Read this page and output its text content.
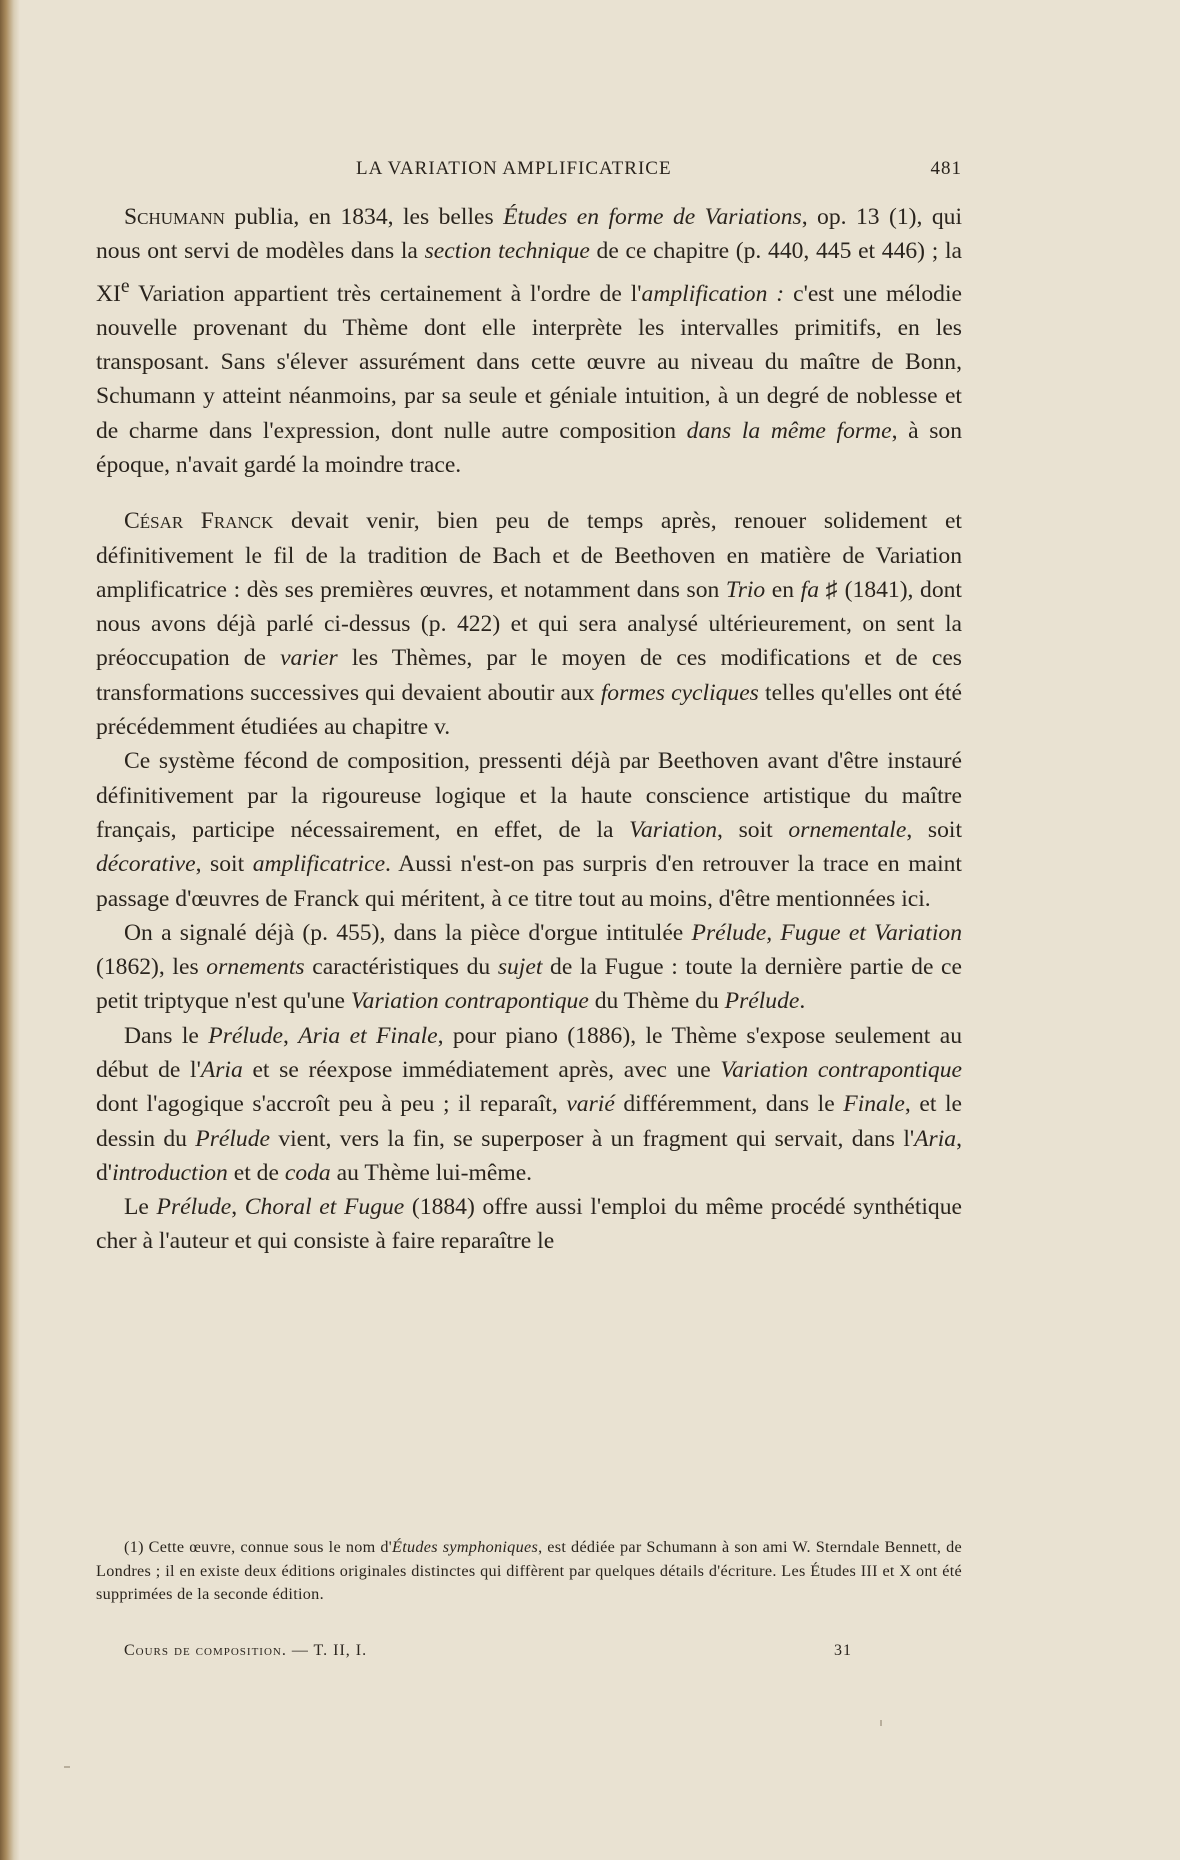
LA VARIATION AMPLIFICATRICE	481

Schumann publia, en 1834, les belles Études en forme de Variations, op. 13 (1), qui nous ont servi de modèles dans la section technique de ce chapitre (p. 440, 445 et 446) ; la XIe Variation appartient très certainement à l'ordre de l'amplification : c'est une mélodie nouvelle provenant du Thème dont elle interprète les intervalles primitifs, en les transposant. Sans s'élever assurément dans cette œuvre au niveau du maître de Bonn, Schumann y atteint néanmoins, par sa seule et géniale intuition, à un degré de noblesse et de charme dans l'expression, dont nulle autre composition dans la même forme, à son époque, n'avait gardé la moindre trace.

César Franck devait venir, bien peu de temps après, renouer solidement et définitivement le fil de la tradition de Bach et de Beethoven en matière de Variation amplificatrice : dès ses premières œuvres, et notamment dans son Trio en fa ♯ (1841), dont nous avons déjà parlé ci-dessus (p. 422) et qui sera analysé ultérieurement, on sent la préoccupation de varier les Thèmes, par le moyen de ces modifications et de ces transformations successives qui devaient aboutir aux formes cycliques telles qu'elles ont été précédemment étudiées au chapitre v.

Ce système fécond de composition, pressenti déjà par Beethoven avant d'être instauré définitivement par la rigoureuse logique et la haute conscience artistique du maître français, participe nécessairement, en effet, de la Variation, soit ornementale, soit décorative, soit amplificatrice. Aussi n'est-on pas surpris d'en retrouver la trace en maint passage d'œuvres de Franck qui méritent, à ce titre tout au moins, d'être mentionnées ici.

On a signalé déjà (p. 455), dans la pièce d'orgue intitulée Prélude, Fugue et Variation (1862), les ornements caractéristiques du sujet de la Fugue : toute la dernière partie de ce petit triptyque n'est qu'une Variation contrapontique du Thème du Prélude.

Dans le Prélude, Aria et Finale, pour piano (1886), le Thème s'expose seulement au début de l'Aria et se réexpose immédiatement après, avec une Variation contrapontique dont l'agogique s'accroît peu à peu ; il reparaît, varié différemment, dans le Finale, et le dessin du Prélude vient, vers la fin, se superposer à un fragment qui servait, dans l'Aria, d'introduction et de coda au Thème lui-même.

Le Prélude, Choral et Fugue (1884) offre aussi l'emploi du même procédé synthétique cher à l'auteur et qui consiste à faire reparaître le

(1) Cette œuvre, connue sous le nom d'Études symphoniques, est dédiée par Schumann à son ami W. Sterndale Bennett, de Londres ; il en existe deux éditions originales distinctes qui diffèrent par quelques détails d'écriture. Les Études III et X ont été supprimées de la seconde édition.

Cours de composition. — T. II, I.	31
